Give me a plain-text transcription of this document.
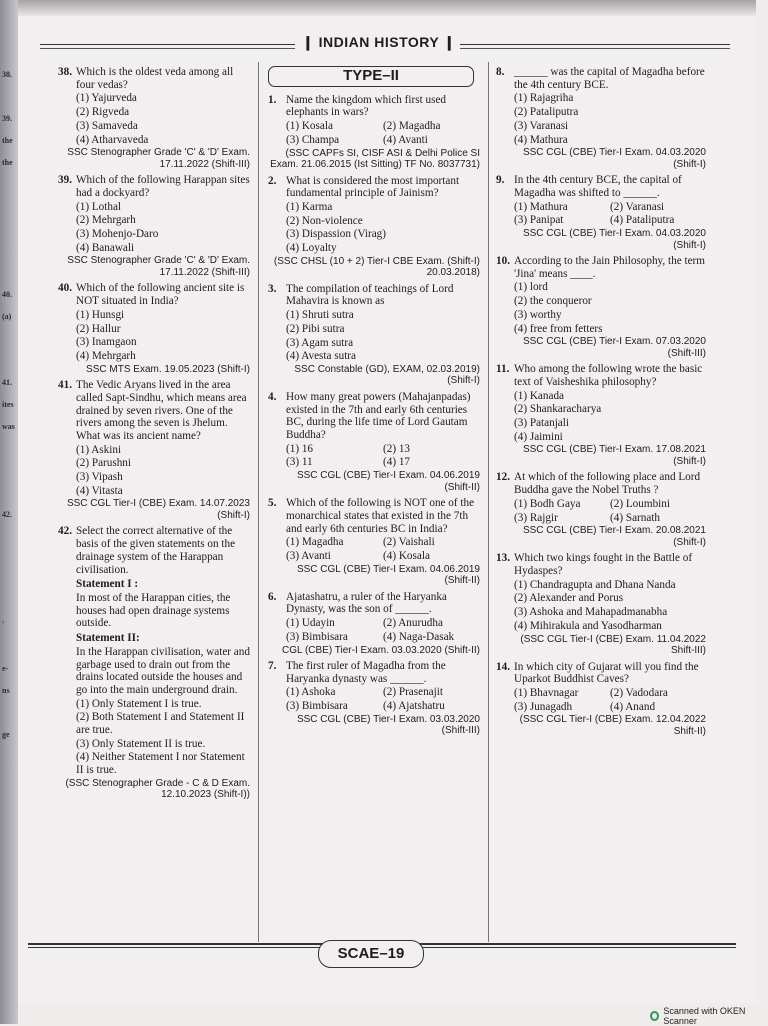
❙ INDIAN HISTORY ❙
38. Which is the oldest veda among all four vedas?
(1) Yajurveda
(2) Rigveda
(3) Samaveda
(4) Atharvaveda
SSC Stenographer Grade 'C' & 'D' Exam. 17.11.2022 (Shift-III)
39. Which of the following Harappan sites had a dockyard?
(1) Lothal
(2) Mehrgarh
(3) Mohenjo-Daro
(4) Banawali
SSC Stenographer Grade 'C' & 'D' Exam. 17.11.2022 (Shift-III)
40. Which of the following ancient site is NOT situated in India?
(1) Hunsgi
(2) Hallur
(3) Inamgaon
(4) Mehrgarh
SSC MTS Exam. 19.05.2023 (Shift-I)
41. The Vedic Aryans lived in the area called Sapt-Sindhu, which means area drained by seven rivers. One of the rivers among the seven is Jhelum. What was its ancient name?
(1) Askini
(2) Parushni
(3) Vipash
(4) Vitasta
SSC CGL Tier-I (CBE) Exam. 14.07.2023 (Shift-I)
42. Select the correct alternative of the basis of the given statements on the drainage system of the Harappan civilisation.
Statement I :
In most of the Harappan cities, the houses had open drainage systems outside.
Statement II:
In the Harappan civilisation, water and garbage used to drain out from the drains located outside the houses and go into the main underground drain.
(1) Only Statement I is true.
(2) Both Statement I and Statement II are true.
(3) Only Statement II is true.
(4) Neither Statement I nor Statement II is true.
(SSC Stenographer Grade - C & D Exam. 12.10.2023 (Shift-I))
TYPE–II
1. Name the kingdom which first used elephants in wars?
(1) Kosala	(2) Magadha
(3) Champa	(4) Avanti
(SSC CAPFs SI, CISF ASI & Delhi Police SI Exam. 21.06.2015 (Ist Sitting) TF No. 8037731)
2. What is considered the most important fundamental principle of Jainism?
(1) Karma
(2) Non-violence
(3) Dispassion (Virag)
(4) Loyalty
(SSC CHSL (10 + 2) Tier-I CBE Exam. (Shift-I) 20.03.2018)
3. The compilation of teachings of Lord Mahavira is known as
(1) Shruti sutra
(2) Pibi sutra
(3) Agam sutra
(4) Avesta sutra
SSC Constable (GD), EXAM, 02.03.2019) (Shift-I)
4. How many great powers (Mahajanpadas) existed in the 7th and early 6th centuries BC, during the life time of Lord Gautam Buddha?
(1) 16	(2) 13
(3) 11	(4) 17
SSC CGL (CBE) Tier-I Exam. 04.06.2019 (Shift-II)
5. Which of the following is NOT one of the monarchical states that existed in the 7th and early 6th centuries BC in India?
(1) Magadha	(2) Vaishali
(3) Avanti	(4) Kosala
SSC CGL (CBE) Tier-I Exam. 04.06.2019 (Shift-II)
6. Ajatashatru, a ruler of the Haryanka Dynasty, was the son of ______.
(1) Udayin	(2) Anurudha
(3) Bimbisara	(4) Naga-Dasak
CGL (CBE) Tier-I Exam. 03.03.2020 (Shift-II)
7. The first ruler of Magadha from the Haryanka dynasty was ______.
(1) Ashoka	(2) Prasenajit
(3) Bimbisara	(4) Ajatshatru
SSC CGL (CBE) Tier-I Exam. 03.03.2020 (Shift-III)
8. ______ was the capital of Magadha before the 4th century BCE.
(1) Rajagriha
(2) Pataliputra
(3) Varanasi
(4) Mathura
SSC CGL (CBE) Tier-I Exam. 04.03.2020 (Shift-I)
9. In the 4th century BCE, the capital of Magadha was shifted to ______.
(1) Mathura	(2) Varanasi
(3) Panipat	(4) Pataliputra
SSC CGL (CBE) Tier-I Exam. 04.03.2020 (Shift-I)
10. According to the Jain Philosophy, the term 'Jina' means ____.
(1) lord
(2) the conqueror
(3) worthy
(4) free from fetters
SSC CGL (CBE) Tier-I Exam. 07.03.2020 (Shift-III)
11. Who among the following wrote the basic text of Vaisheshika philosophy?
(1) Kanada
(2) Shankaracharya
(3) Patanjali
(4) Jaimini
SSC CGL (CBE) Tier-I Exam. 17.08.2021 (Shift-I)
12. At which of the following place and Lord Buddha gave the Nobel Truths ?
(1) Bodh Gaya	(2) Loumbini
(3) Rajgir	(4) Sarnath
SSC CGL (CBE) Tier-I Exam. 20.08.2021 (Shift-I)
13. Which two kings fought in the Battle of Hydaspes?
(1) Chandragupta and Dhana Nanda
(2) Alexander and Porus
(3) Ashoka and Mahapadmanabha
(4) Mihirakula and Yasodharman
(SSC CGL Tier-I (CBE) Exam. 11.04.2022 Shift-III)
14. In which city of Gujarat will you find the Uparkot Buddhist Caves?
(1) Bhavnagar	(2) Vadodara
(3) Junagadh	(4) Anand
(SSC CGL Tier-I (CBE) Exam. 12.04.2022 Shift-II)
SCAE–19
Scanned with OKEN Scanner
38.
39.
the
the
40.
(a)
41.
ites
was
42.
'
e-
ns
ge
